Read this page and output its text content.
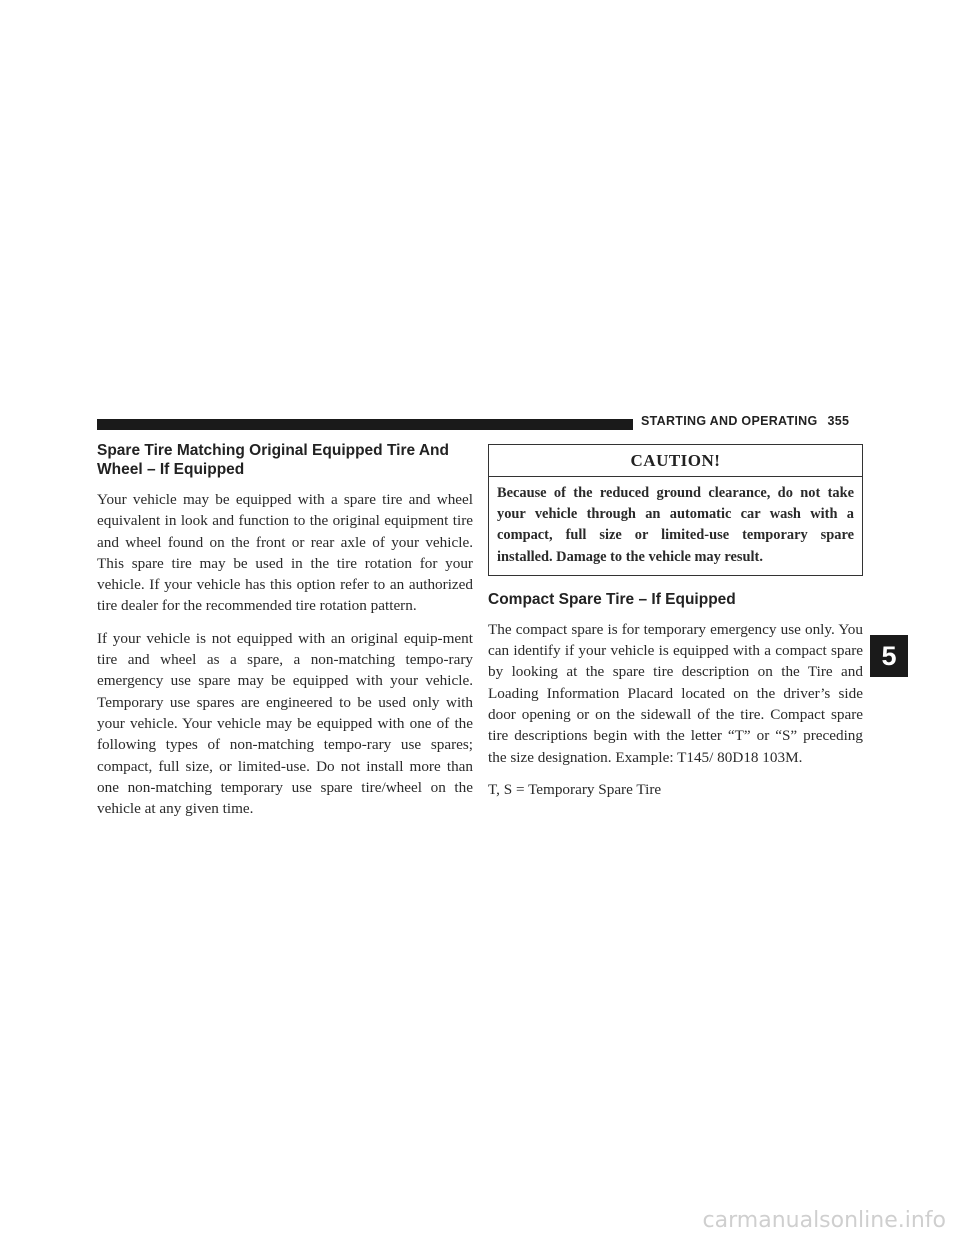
STARTING AND OPERATING 355
Spare Tire Matching Original Equipped Tire And Wheel – If Equipped

Your vehicle may be equipped with a spare tire and wheel equivalent in look and function to the original equipment tire and wheel found on the front or rear axle of your vehicle. This spare tire may be used in the tire rotation for your vehicle. If your vehicle has this option refer to an authorized tire dealer for the recommended tire rotation pattern.

If your vehicle is not equipped with an original equip-ment tire and wheel as a spare, a non-matching tempo-rary emergency use spare may be equipped with your vehicle. Temporary use spares are engineered to be used only with your vehicle. Your vehicle may be equipped with one of the following types of non-matching tempo-rary use spares; compact, full size, or limited-use. Do not install more than one non-matching temporary use spare tire/wheel on the vehicle at any given time.

CAUTION!
Because of the reduced ground clearance, do not take your vehicle through an automatic car wash with a compact, full size or limited-use temporary spare installed. Damage to the vehicle may result.
Compact Spare Tire – If Equipped

The compact spare is for temporary emergency use only. You can identify if your vehicle is equipped with a compact spare by looking at the spare tire description on the Tire and Loading Information Placard located on the driver’s side door opening or on the sidewall of the tire. Compact spare tire descriptions begin with the letter “T” or “S” preceding the size designation. Example: T145/ 80D18 103M.

T, S = Temporary Spare Tire

5
carmanualsonline.info
